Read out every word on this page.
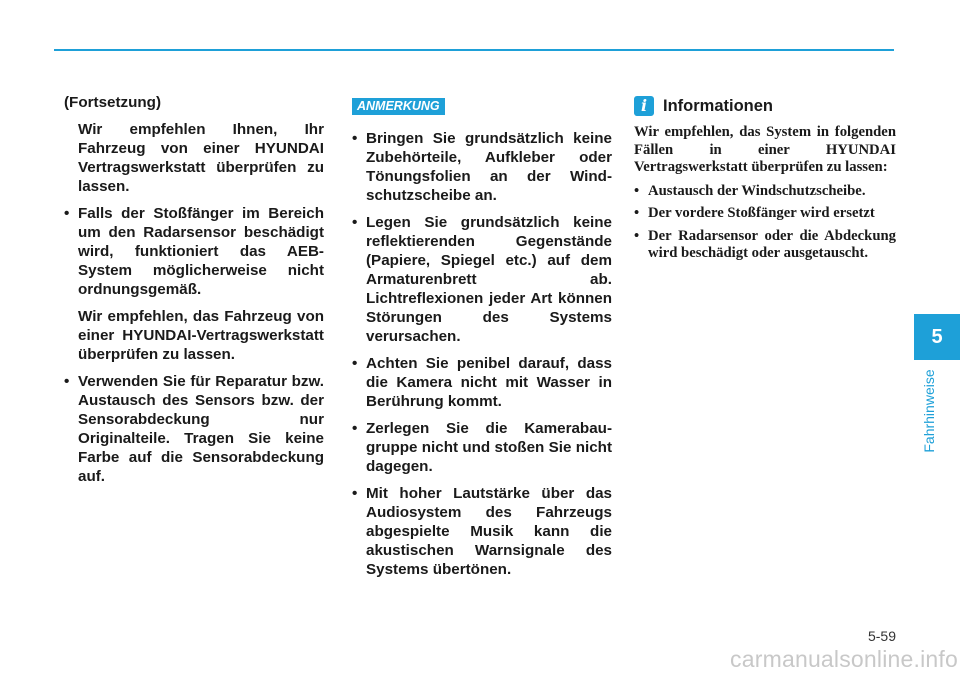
(Fortsetzung)
Wir empfehlen Ihnen, Ihr Fahrzeug von einer HYUNDAI Vertragswerkstatt überprüfen zu lassen.
• Falls der Stoßfänger im Bereich um den Radarsensor beschädigt wird, funktioniert das AEB-System möglicherweise nicht ordnungsgemäß.
Wir empfehlen, das Fahrzeug von einer HYUNDAI-Vertragswerkstatt überprüfen zu lassen.
• Verwenden Sie für Reparatur bzw. Austausch des Sensors bzw. der Sensorabdeckung nur Originalteile. Tragen Sie keine Farbe auf die Sensorabdeckung auf.
ANMERKUNG
• Bringen Sie grundsätzlich keine Zubehörteile, Aufkleber oder Tönungsfolien an der Wind-schutzscheibe an.
• Legen Sie grundsätzlich keine reflektierenden Gegenstände (Papiere, Spiegel etc.) auf dem Armaturenbrett ab. Lichtreflexionen jeder Art können Störungen des Systems verursachen.
• Achten Sie penibel darauf, dass die Kamera nicht mit Wasser in Berührung kommt.
• Zerlegen Sie die Kamerabau-gruppe nicht und stoßen Sie nicht dagegen.
• Mit hoher Lautstärke über das Audiosystem des Fahrzeugs abgespielte Musik kann die akustischen Warnsignale des Systems übertönen.
i Informationen
Wir empfehlen, das System in folgenden Fällen in einer HYUNDAI Vertragswerkstatt überprüfen zu lassen:
• Austausch der Windschutzscheibe.
• Der vordere Stoßfänger wird ersetzt
• Der Radarsensor oder die Abdeckung wird beschädigt oder ausgetauscht.
5
Fahrhinweise
5-59
carmanualsonline.info
